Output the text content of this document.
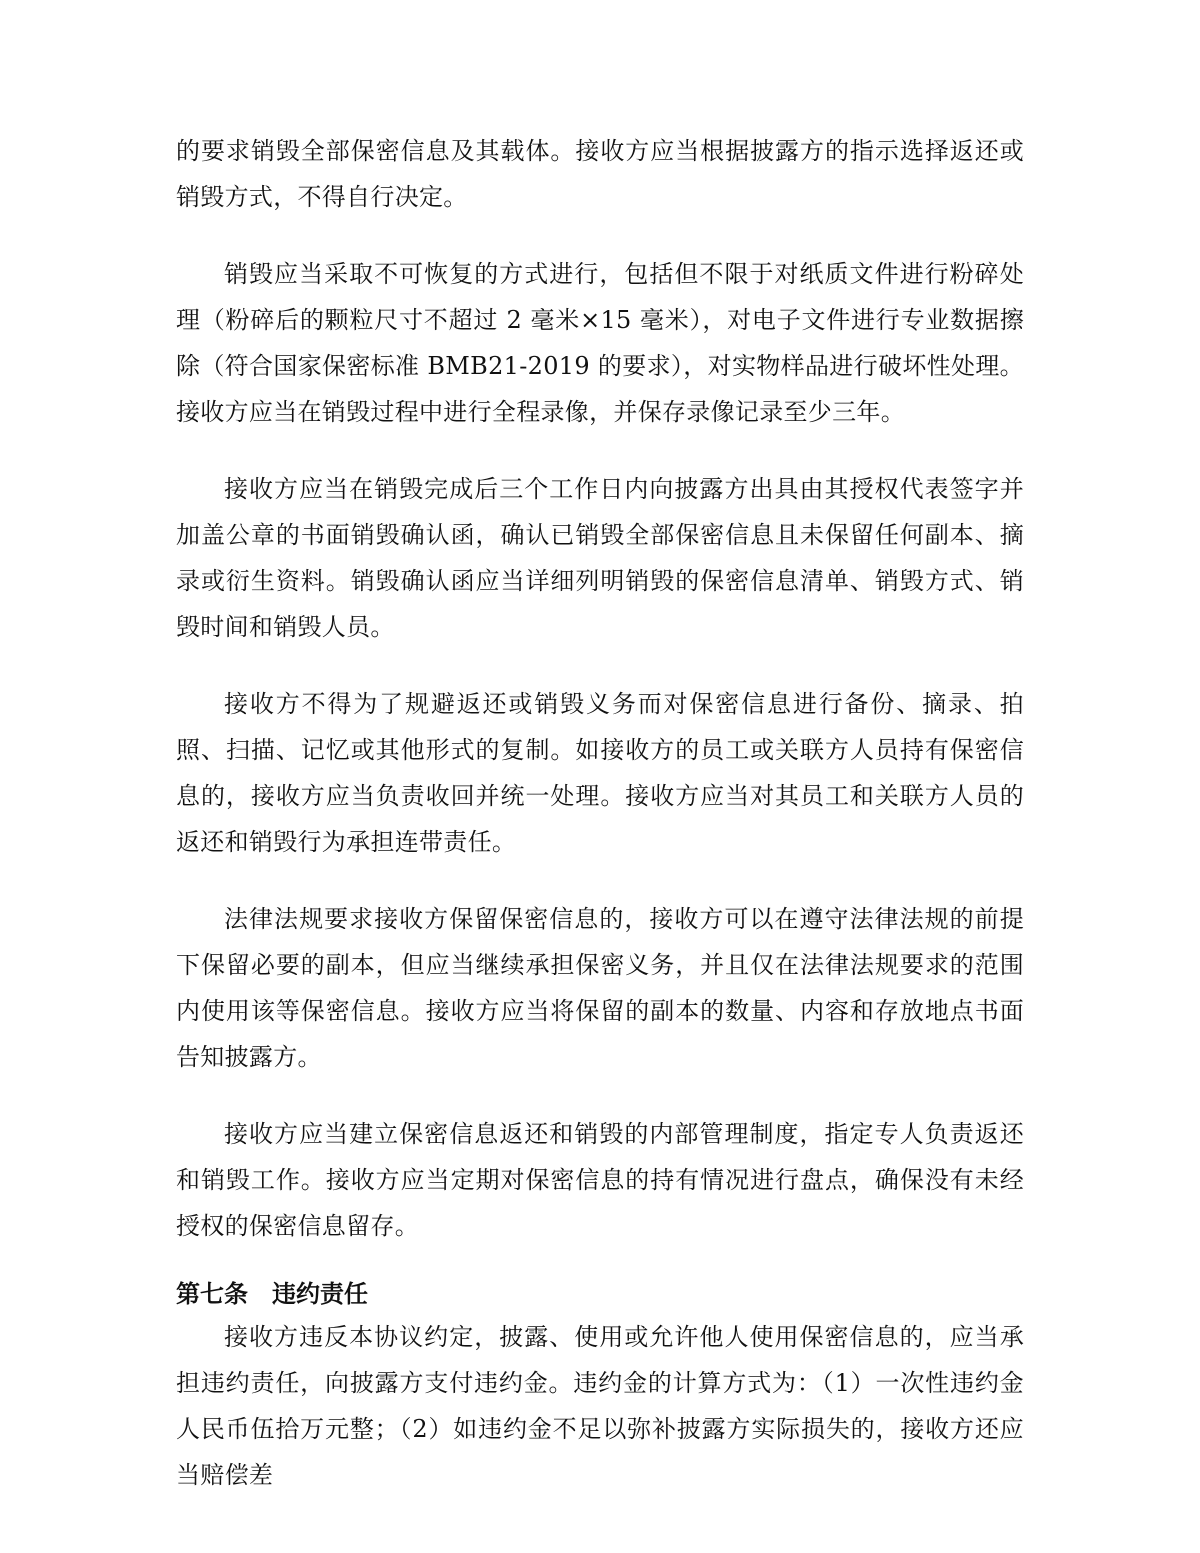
的要求销毁全部保密信息及其载体。接收方应当根据披露方的指示选择返还或销毁方式，不得自行决定。

销毁应当采取不可恢复的方式进行，包括但不限于对纸质文件进行粉碎处理（粉碎后的颗粒尺寸不超过 2 毫米×15 毫米），对电子文件进行专业数据擦除（符合国家保密标准 BMB21-2019 的要求），对实物样品进行破坏性处理。接收方应当在销毁过程中进行全程录像，并保存录像记录至少三年。

接收方应当在销毁完成后三个工作日内向披露方出具由其授权代表签字并加盖公章的书面销毁确认函，确认已销毁全部保密信息且未保留任何副本、摘录或衍生资料。销毁确认函应当详细列明销毁的保密信息清单、销毁方式、销毁时间和销毁人员。

接收方不得为了规避返还或销毁义务而对保密信息进行备份、摘录、拍照、扫描、记忆或其他形式的复制。如接收方的员工或关联方人员持有保密信息的，接收方应当负责收回并统一处理。接收方应当对其员工和关联方人员的返还和销毁行为承担连带责任。

法律法规要求接收方保留保密信息的，接收方可以在遵守法律法规的前提下保留必要的副本，但应当继续承担保密义务，并且仅在法律法规要求的范围内使用该等保密信息。接收方应当将保留的副本的数量、内容和存放地点书面告知披露方。

接收方应当建立保密信息返还和销毁的内部管理制度，指定专人负责返还和销毁工作。接收方应当定期对保密信息的持有情况进行盘点，确保没有未经授权的保密信息留存。

第七条　违约责任

接收方违反本协议约定，披露、使用或允许他人使用保密信息的，应当承担违约责任，向披露方支付违约金。违约金的计算方式为：（1）一次性违约金人民币伍拾万元整；（2）如违约金不足以弥补披露方实际损失的，接收方还应当赔偿差
